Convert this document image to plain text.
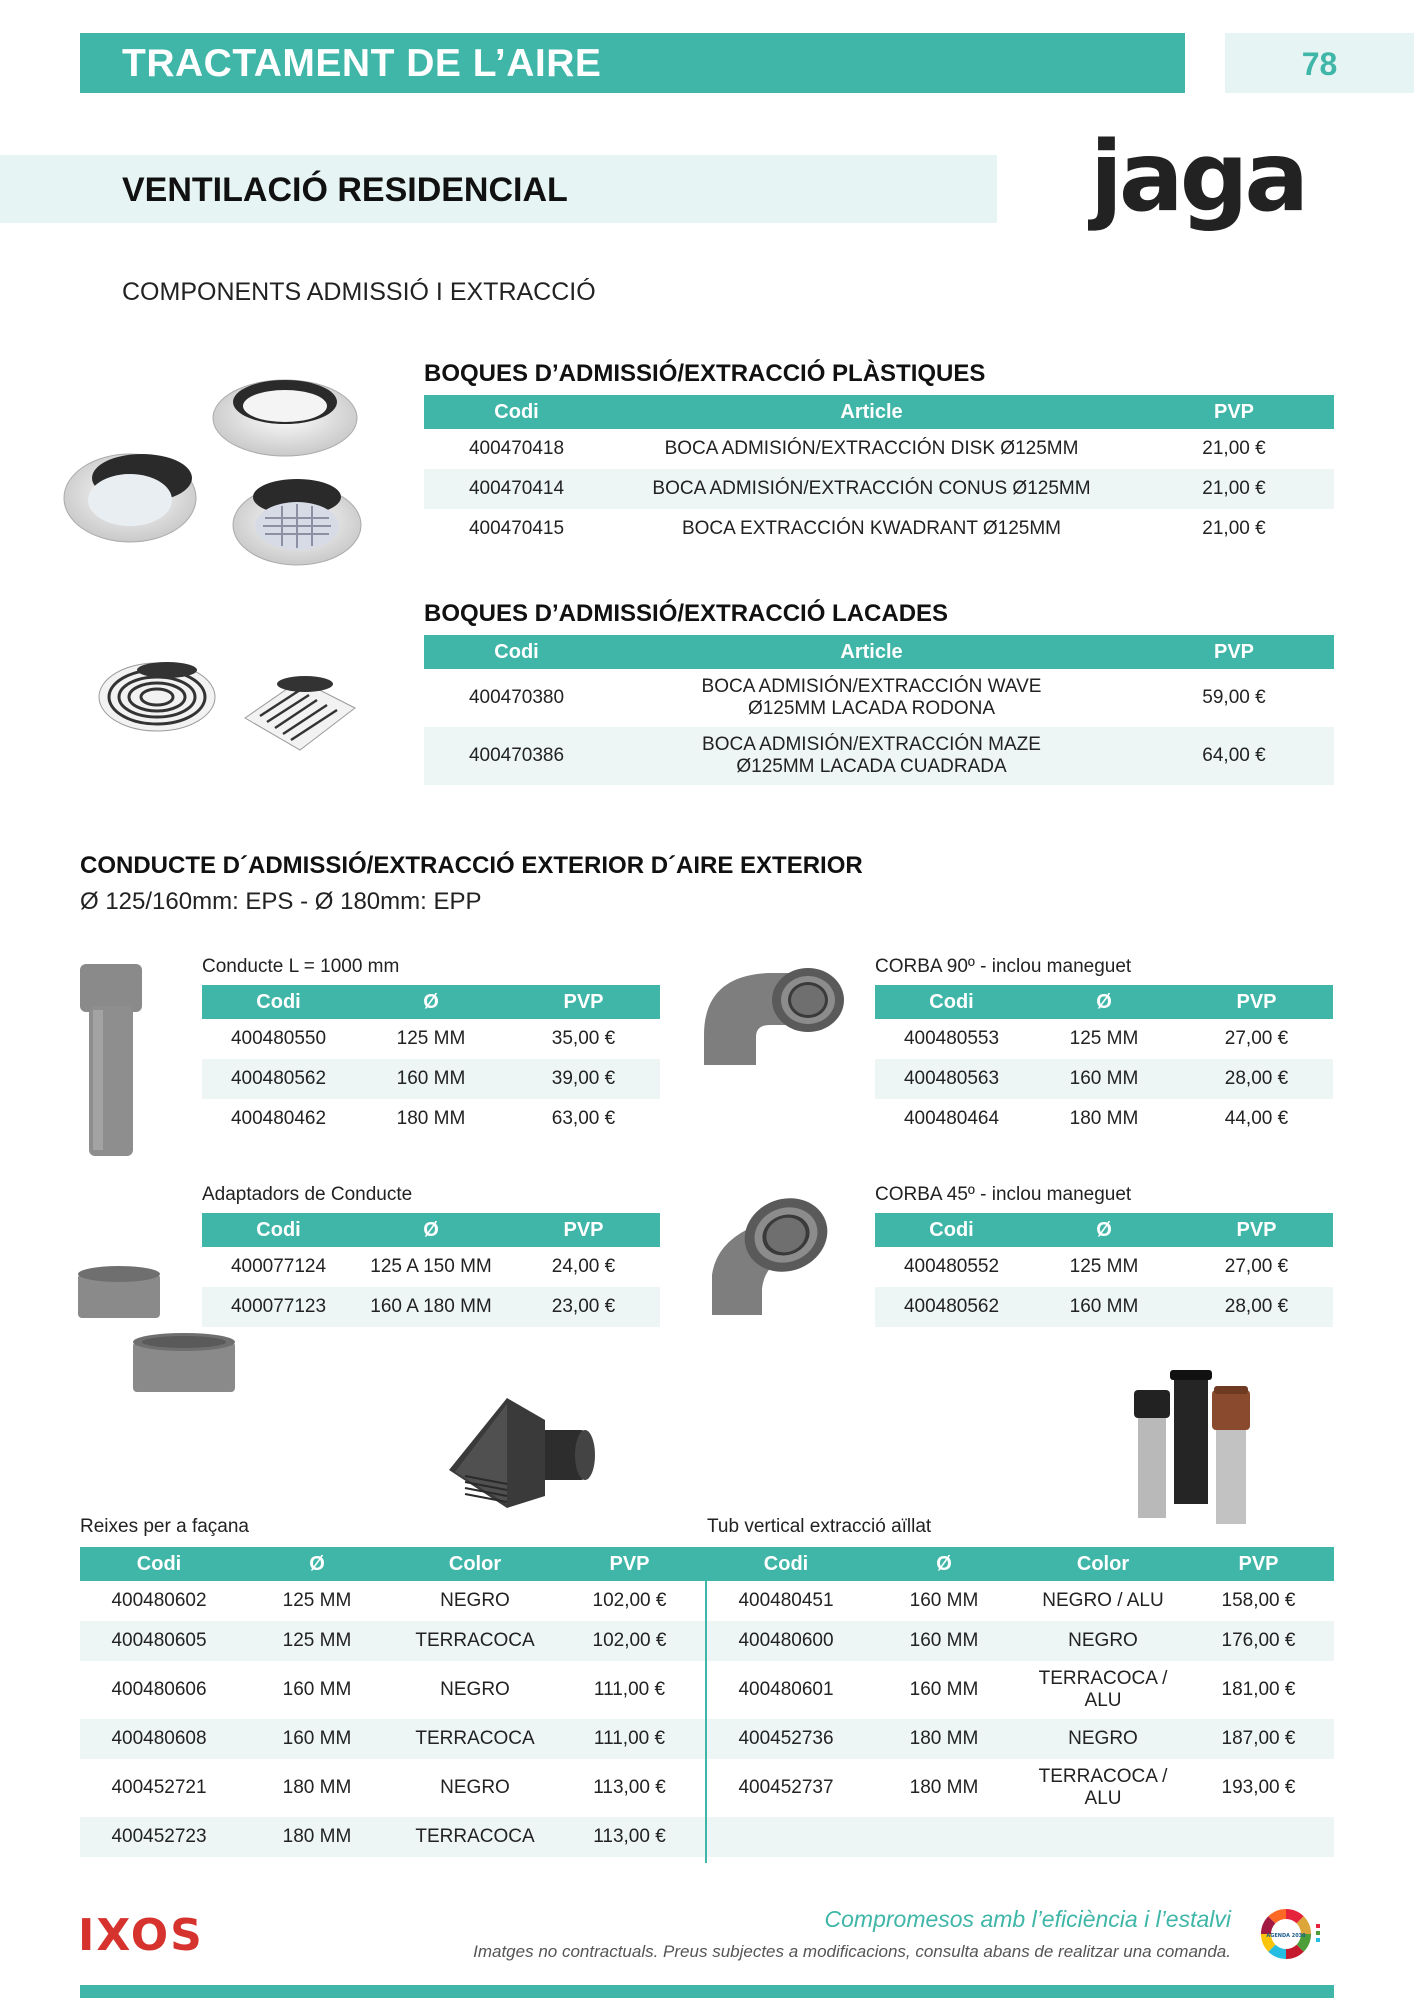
TRACTAMENT DE L’AIRE	78
VENTILACIÓ RESIDENCIAL	jaga
COMPONENTS ADMISSIÓ I EXTRACCIÓ
BOQUES D’ADMISSIÓ/EXTRACCIÓ PLÀSTIQUES
Codi	Article	PVP
400470418	BOCA ADMISIÓN/EXTRACCIÓN DISK Ø125MM	21,00 €
400470414	BOCA ADMISIÓN/EXTRACCIÓN CONUS Ø125MM	21,00 €
400470415	BOCA EXTRACCIÓN KWADRANT Ø125MM	21,00 €
BOQUES D’ADMISSIÓ/EXTRACCIÓ LACADES
Codi	Article	PVP
400470380	BOCA ADMISIÓN/EXTRACCIÓN WAVE
Ø125MM LACADA RODONA	59,00 €
400470386	BOCA ADMISIÓN/EXTRACCIÓN MAZE
Ø125MM LACADA CUADRADA	64,00 €
CONDUCTE D´ADMISSIÓ/EXTRACCIÓ EXTERIOR D´AIRE EXTERIOR
Ø 125/160mm: EPS - Ø 180mm: EPP
Conducte L = 1000 mm
Codi	Ø	PVP
400480550	125 MM	35,00 €
400480562	160 MM	39,00 €
400480462	180 MM	63,00 €
CORBA 90º - inclou maneguet
Codi	Ø	PVP
400480553	125 MM	27,00 €
400480563	160 MM	28,00 €
400480464	180 MM	44,00 €
Adaptadors de Conducte
Codi	Ø	PVP
400077124	125 A 150 MM	24,00 €
400077123	160 A 180 MM	23,00 €
CORBA 45º - inclou maneguet
Codi	Ø	PVP
400480552	125 MM	27,00 €
400480562	160 MM	28,00 €
Reixes per a façana	Tub vertical extracció aïllat
Codi	Ø	Color	PVP
400480602	125 MM	NEGRO	102,00 €
400480605	125 MM	TERRACOCA	102,00 €
400480606	160 MM	NEGRO	111,00 €
400480608	160 MM	TERRACOCA	111,00 €
400452721	180 MM	NEGRO	113,00 €
400452723	180 MM	TERRACOCA	113,00 €
Codi	Ø	Color	PVP
400480451	160 MM	NEGRO / ALU	158,00 €
400480600	160 MM	NEGRO	176,00 €
400480601	160 MM	TERRACOCA /
ALU	181,00 €
400452736	180 MM	NEGRO	187,00 €
400452737	180 MM	TERRACOCA /
ALU	193,00 €

IXOS	Compromesos amb l’eficiència i l’estalvi
Imatges no contractuals. Preus subjectes a modificacions, consulta abans de realitzar una comanda.
AGENDA 2030
